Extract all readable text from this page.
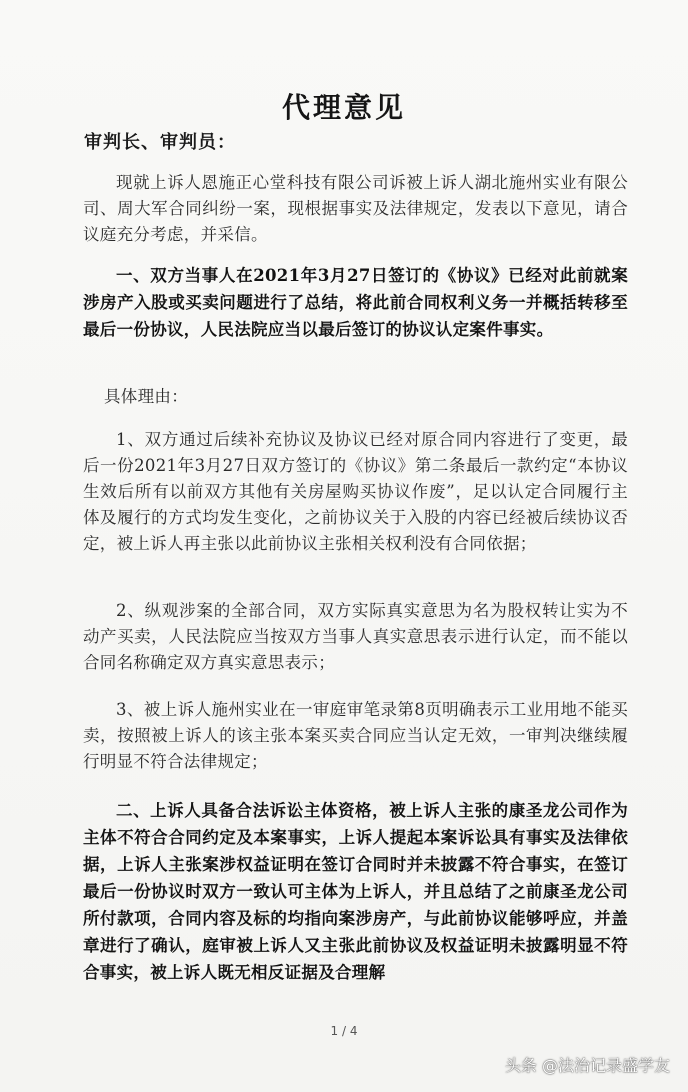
代理意见
审判长、审判员：

现就上诉人恩施正心堂科技有限公司诉被上诉人湖北施州实业有限公司、周大军合同纠纷一案，现根据事实及法律规定，发表以下意见，请合议庭充分考虑，并采信。

一、双方当事人在2021年3月27日签订的《协议》已经对此前就案涉房产入股或买卖问题进行了总结，将此前合同权利义务一并概括转移至最后一份协议，人民法院应当以最后签订的协议认定案件事实。

具体理由：

1、双方通过后续补充协议及协议已经对原合同内容进行了变更，最后一份2021年3月27日双方签订的《协议》第二条最后一款约定“本协议生效后所有以前双方其他有关房屋购买协议作废”，足以认定合同履行主体及履行的方式均发生变化，之前协议关于入股的内容已经被后续协议否定，被上诉人再主张以此前协议主张相关权利没有合同依据；

2、纵观涉案的全部合同，双方实际真实意思为名为股权转让实为不动产买卖，人民法院应当按双方当事人真实意思表示进行认定，而不能以合同名称确定双方真实意思表示；

3、被上诉人施州实业在一审庭审笔录第8页明确表示工业用地不能买卖，按照被上诉人的该主张本案买卖合同应当认定无效，一审判决继续履行明显不符合法律规定；

二、上诉人具备合法诉讼主体资格，被上诉人主张的康圣龙公司作为主体不符合合同约定及本案事实，上诉人提起本案诉讼具有事实及法律依据，上诉人主张案涉权益证明在签订合同时并未披露不符合事实，在签订最后一份协议时双方一致认可主体为上诉人，并且总结了之前康圣龙公司所付款项，合同内容及标的均指向案涉房产，与此前协议能够呼应，并盖章进行了确认，庭审被上诉人又主张此前协议及权益证明未披露明显不符合事实，被上诉人既无相反证据及合理解

1 / 4
头条 @法治记录盛学友
